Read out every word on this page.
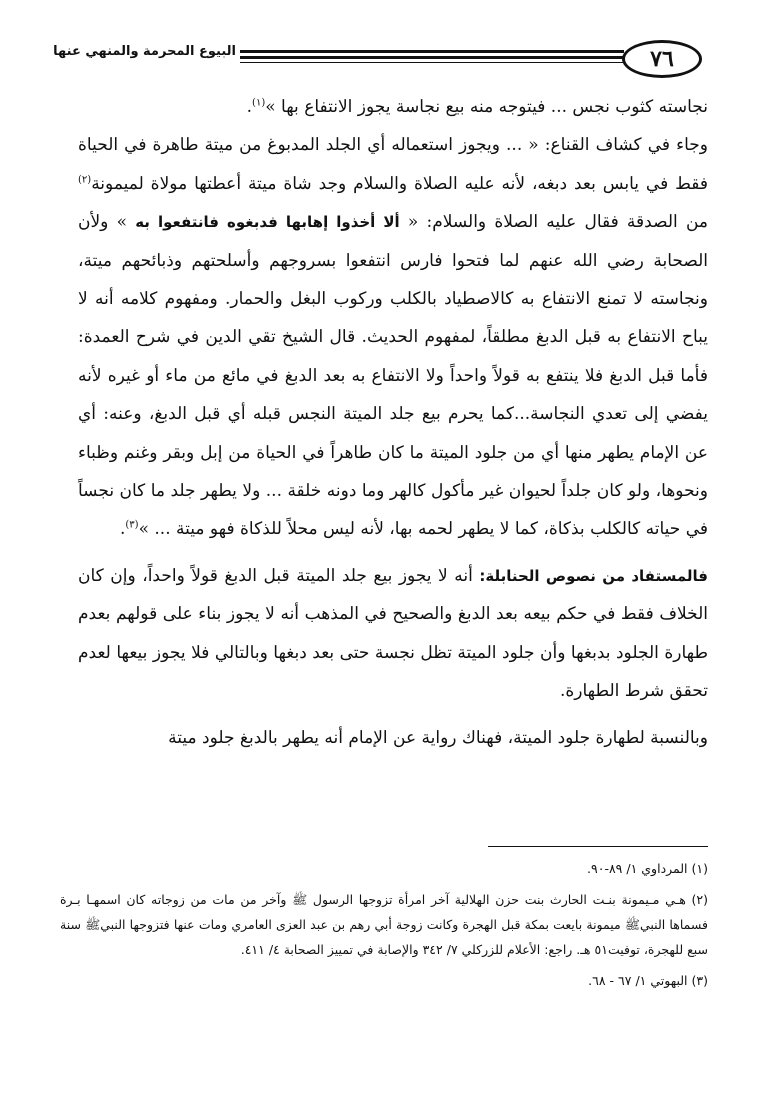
٧٦
البيوع المحرمة والمنهي عنها

نجاسته كثوب نجس ... فيتوجه منه بيع نجاسة يجوز الانتفاع بها »$^{(١)}$.

وجاء في كشاف القناع: « ... ويجوز استعماله أي الجلد المدبوغ من ميتة طاهرة في الحياة فقط في يابس بعد دبغه، لأنه عليه الصلاة والسلام وجد شاة ميتة أعطتها مولاة لميمونة$^{(٢)}$ من الصدقة فقال عليه الصلاة والسلام: « ألا أخذوا إهابها فدبغوه فانتفعوا به » ولأن الصحابة رضي الله عنهم لما فتحوا فارس انتفعوا بسروجهم وأسلحتهم وذبائحهم ميتة، ونجاسته لا تمنع الانتفاع به كالاصطياد بالكلب وركوب البغل والحمار. ومفهوم كلامه أنه لا يباح الانتفاع به قبل الدبغ مطلقاً، لمفهوم الحديث. قال الشيخ تقي الدين في شرح العمدة: فأما قبل الدبغ فلا ينتفع به قولاً واحداً ولا الانتفاع به بعد الدبغ في مائع من ماء أو غيره لأنه يفضي إلى تعدي النجاسة...كما يحرم بيع جلد الميتة النجس قبله أي قبل الدبغ، وعنه: أي عن الإمام يطهر منها أي من جلود الميتة ما كان طاهراً في الحياة من إبل وبقر وغنم وظباء ونحوها، ولو كان جلداً لحيوان غير مأكول كالهر وما دونه خلقة ... ولا يطهر جلد ما كان نجساً في حياته كالكلب بذكاة، كما لا يطهر لحمه بها، لأنه ليس محلاً للذكاة فهو ميتة ... »$^{(٣)}$.

فالمستفاد من نصوص الحنابلة: أنه لا يجوز بيع جلد الميتة قبل الدبغ قولاً واحداً، وإن كان الخلاف فقط في حكم بيعه بعد الدبغ والصحيح في المذهب أنه لا يجوز بناء على قولهم بعدم طهارة الجلود بدبغها وأن جلود الميتة تظل نجسة حتى بعد دبغها وبالتالي فلا يجوز بيعها لعدم تحقق شرط الطهارة.

وبالنسبة لطهارة جلود الميتة، فهناك رواية عن الإمام أنه يطهر بالدبغ جلود ميتة

(١) المرداوي ١/ ٨٩-٩٠.

(٢) هـي مـيمونة بنـت الحارث بنت حزن الهلالية آخر امرأة تزوجها الرسول ﷺ وآخر من مات من زوجاته كان اسمهـا بـرة فسماها النبيﷺ ميمونة بايعت بمكة قبل الهجرة وكانت زوجة أبي رهم بن عبد العزى العامري ومات عنها فتزوجها النبيﷺ سنة سبع للهجرة، توفيت٥١ هـ. راجع: الأعلام للزركلي ٧/ ٣٤٢ والإصابة في تمييز الصحابة ٤/ ٤١١.

(٣) البهوتي ١/ ٦٧ - ٦٨.
